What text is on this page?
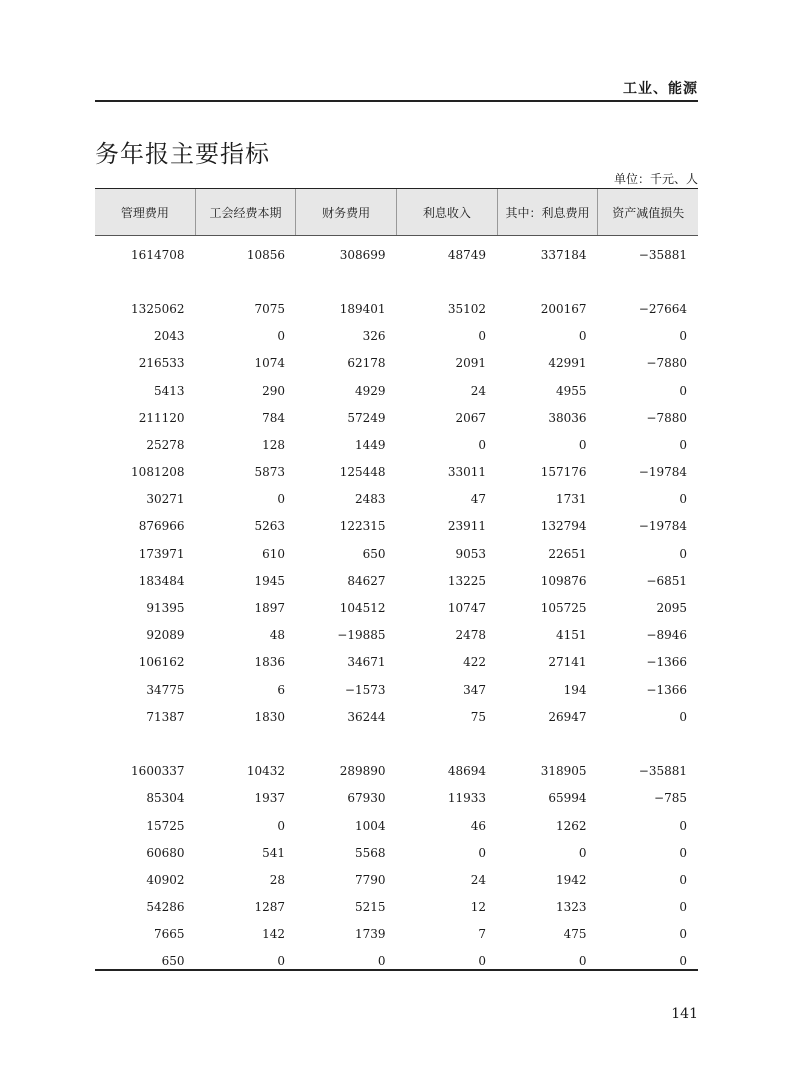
工业、能源
务年报主要指标
单位：千元、人
管理费用	工会经费本期	财务费用	利息收入	其中：利息费用	资产减值损失
1614708	10856	308699	48749	337184	−35881
1325062	7075	189401	35102	200167	−27664
2043	0	326	0	0	0
216533	1074	62178	2091	42991	−7880
5413	290	4929	24	4955	0
211120	784	57249	2067	38036	−7880
25278	128	1449	0	0	0
1081208	5873	125448	33011	157176	−19784
30271	0	2483	47	1731	0
876966	5263	122315	23911	132794	−19784
173971	610	650	9053	22651	0
183484	1945	84627	13225	109876	−6851
91395	1897	104512	10747	105725	2095
92089	48	−19885	2478	4151	−8946
106162	1836	34671	422	27141	−1366
34775	6	−1573	347	194	−1366
71387	1830	36244	75	26947	0
1600337	10432	289890	48694	318905	−35881
85304	1937	67930	11933	65994	−785
15725	0	1004	46	1262	0
60680	541	5568	0	0	0
40902	28	7790	24	1942	0
54286	1287	5215	12	1323	0
7665	142	1739	7	475	0
650	0	0	0	0	0
141
